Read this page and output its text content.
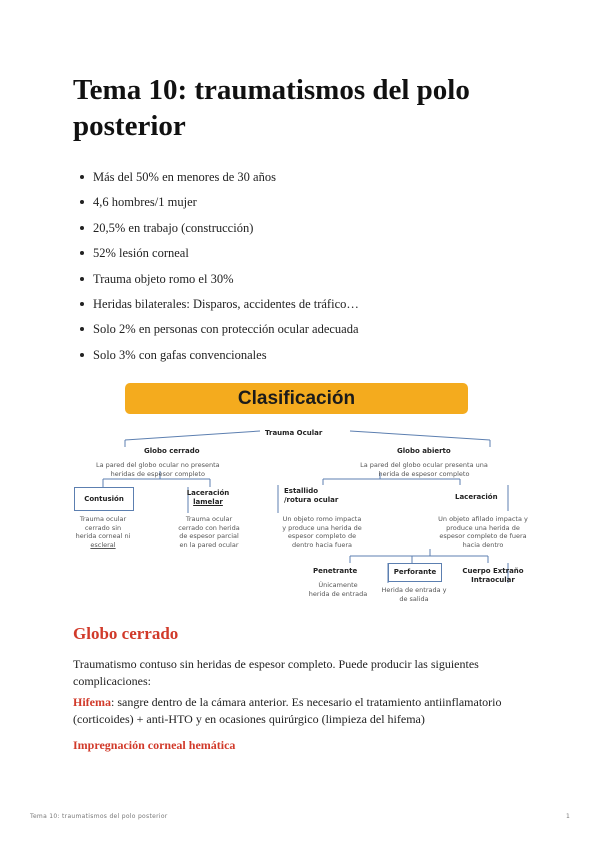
Tema 10: traumatismos del polo posterior
Más del 50% en menores de 30 años
4,6 hombres/1 mujer
20,5% en trabajo (construcción)
52% lesión corneal
Trauma objeto romo el 30%
Heridas bilaterales: Disparos, accidentes de tráfico…
Solo 2% en personas con protección ocular adecuada
Solo 3% con gafas convencionales
Clasificación
Trauma Ocular
Globo cerrado
La pared del globo ocular no presenta
heridas de espesor completo
Contusión
Trauma ocular
cerrado sin
herida corneal ni
escleral
Laceración
lamelar
Trauma ocular
cerrado con herida
de espesor parcial
en la pared ocular
Globo abierto
La pared del globo ocular presenta una
herida de espesor completo
Estallido
/rotura ocular
Un objeto romo impacta
y produce una herida de
espesor completo de
dentro hacia fuera
Laceración
Un objeto afilado impacta y
produce una herida de
espesor completo de fuera
hacia dentro
Penetrante
Únicamente
herida de entrada
Perforante
Herida de entrada y
de salida
Cuerpo Extraño
Intraocular
Globo cerrado
Traumatismo contuso sin heridas de espesor completo. Puede producir las siguientes complicaciones:
Hifema: sangre dentro de la cámara anterior. Es necesario el tratamiento antiinflamatorio (corticoides) + anti-HTO y en ocasiones quirúrgico (limpieza del hifema)
Impregnación corneal hemática
Tema 10: traumatismos del polo posterior	1
